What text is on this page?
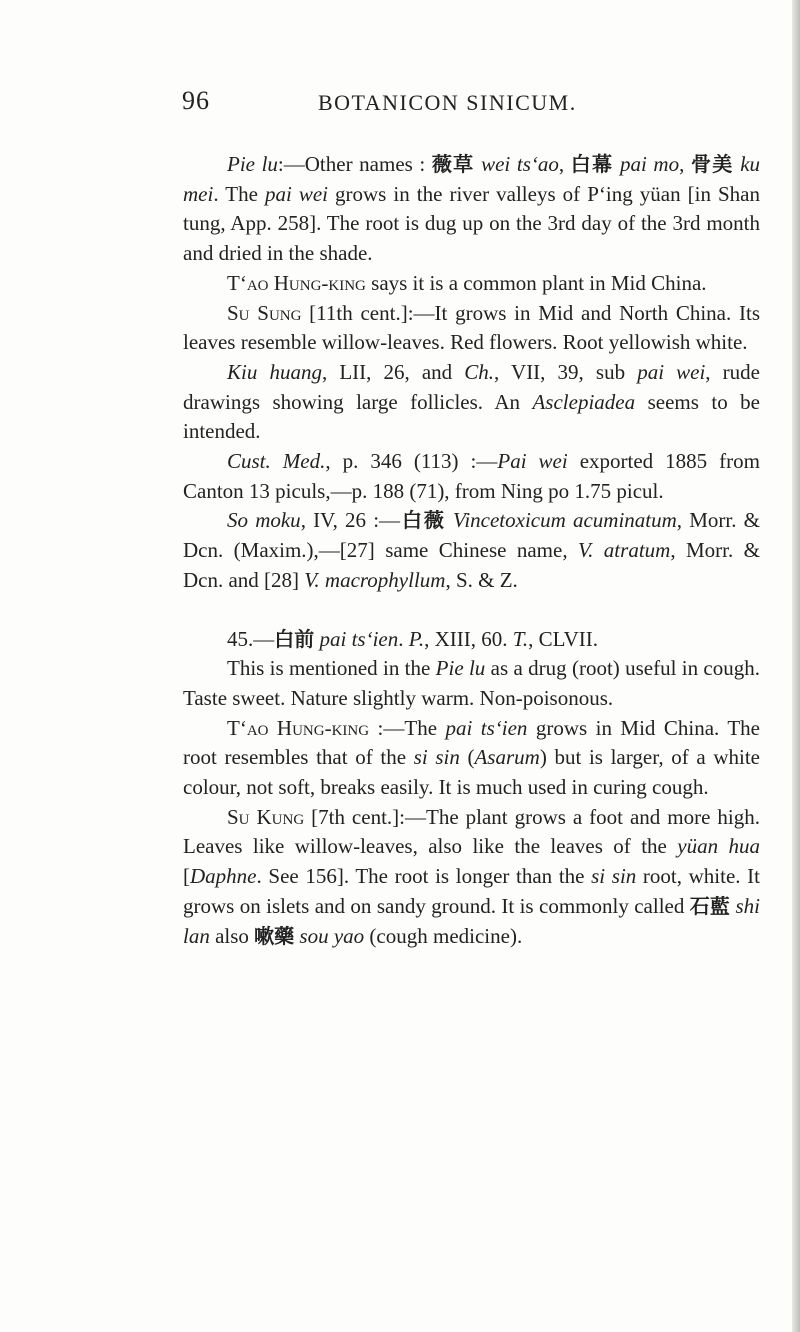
96	BOTANICON SINICUM.

Pie lu:—Other names : 薇草 wei ts‘ao, 白幕 pai mo, 骨美 ku mei. The pai wei grows in the river valleys of P‘ing yüan [in Shan tung, App. 258]. The root is dug up on the 3rd day of the 3rd month and dried in the shade.

T‘ao Hung-king says it is a common plant in Mid China.

Su Sung [11th cent.]:—It grows in Mid and North China. Its leaves resemble willow-leaves. Red flowers. Root yellowish white.

Kiu huang, LII, 26, and Ch., VII, 39, sub pai wei, rude drawings showing large follicles. An Asclepiadea seems to be intended.

Cust. Med., p. 346 (113) :—Pai wei exported 1885 from Canton 13 piculs,—p. 188 (71), from Ning po 1.75 picul.

So moku, IV, 26 :—白薇 Vincetoxicum acuminatum, Morr. & Dcn. (Maxim.),—[27] same Chinese name, V. atratum, Morr. & Dcn. and [28] V. macrophyllum, S. & Z.

45.—白前 pai ts‘ien. P., XIII, 60. T., CLVII.

This is mentioned in the Pie lu as a drug (root) useful in cough. Taste sweet. Nature slightly warm. Non-poisonous.

T‘ao Hung-king :—The pai ts‘ien grows in Mid China. The root resembles that of the si sin (Asarum) but is larger, of a white colour, not soft, breaks easily. It is much used in curing cough.

Su Kung [7th cent.]:—The plant grows a foot and more high. Leaves like willow-leaves, also like the leaves of the yüan hua [Daphne. See 156]. The root is longer than the si sin root, white. It grows on islets and on sandy ground. It is commonly called 石藍 shi lan also 嗽藥 sou yao (cough medicine).
